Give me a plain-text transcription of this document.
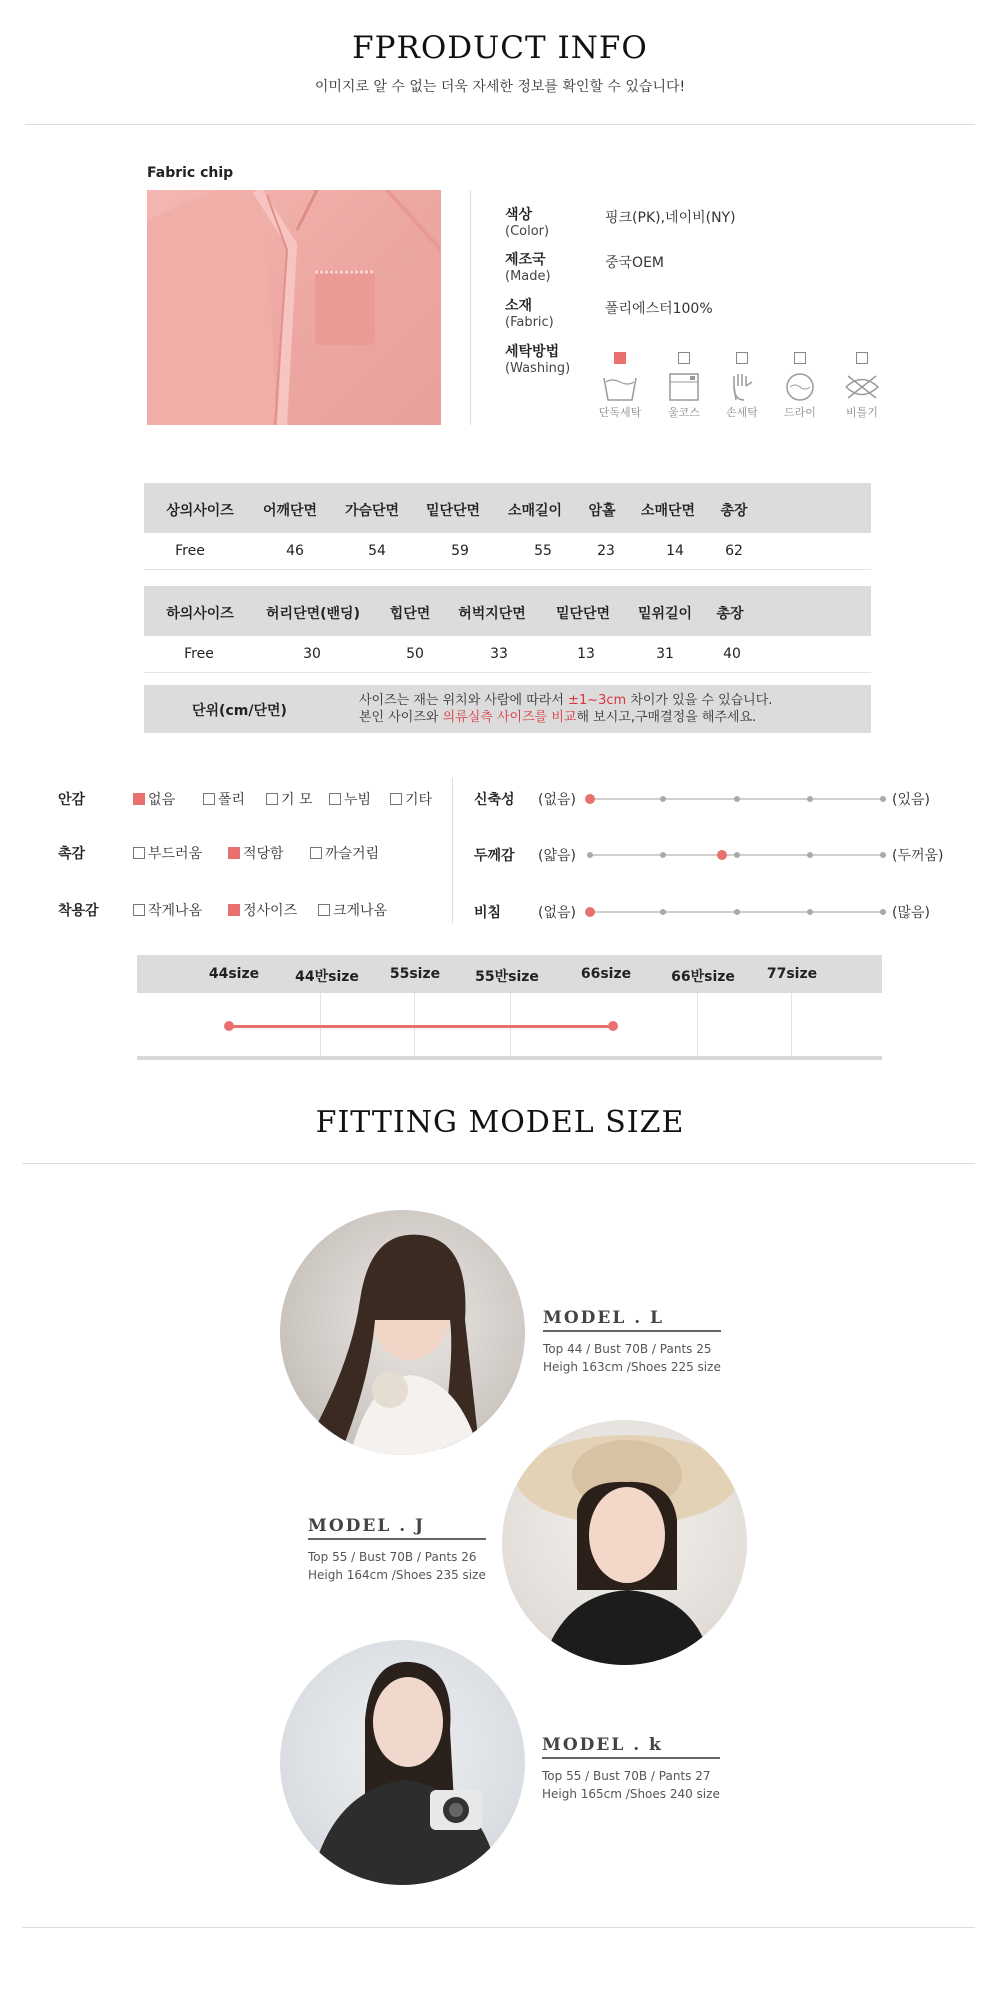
FPRODUCT INFO
이미지로 알 수 없는 더욱 자세한 정보를 확인할 수 있습니다!
Fabric chip
색상
(Color)
핑크(PK),네이비(NY)
제조국
(Made)
중국OEM
소재
(Fabric)
폴리에스터100%
세탁방법
(Washing)
단독세탁	울코스	손세탁	드라이	비틀기
상의사이즈 어깨단면 가슴단면 밑단단면 소매길이 암홀 소매단면 총장
Free	46	54	59	55	23	14	62
하의사이즈 허리단면(밴딩) 힙단면 허벅지단면 밑단단면 밑위길이 총장
Free	30	50	33	13	31	40
단위(cm/단면)
사이즈는 재는 위치와 사람에 따라서 ±1~3cm 차이가 있을 수 있습니다.
본인 사이즈와 의류실측 사이즈를 비교해 보시고,구매결정을 해주세요.
안감	없음	폴리	기 모	누빔	기타
촉감	부드러움	적당함	까슬거림
착용감	작게나옴	정사이즈	크게나옴
신축성 (없음)	(있음)
두께감 (얇음)	(두꺼움)
비침	(없음)	(많음)
44size	44반size 55size 55반size	66size	66반size 77size
FITTING MODEL SIZE
MODEL . L
Top 44 / Bust 70B / Pants 25
Heigh 163cm /Shoes 225 size
MODEL . J
Top 55 / Bust 70B / Pants 26
Heigh 164cm /Shoes 235 size
MODEL . k
Top 55 / Bust 70B / Pants 27
Heigh 165cm /Shoes 240 size
